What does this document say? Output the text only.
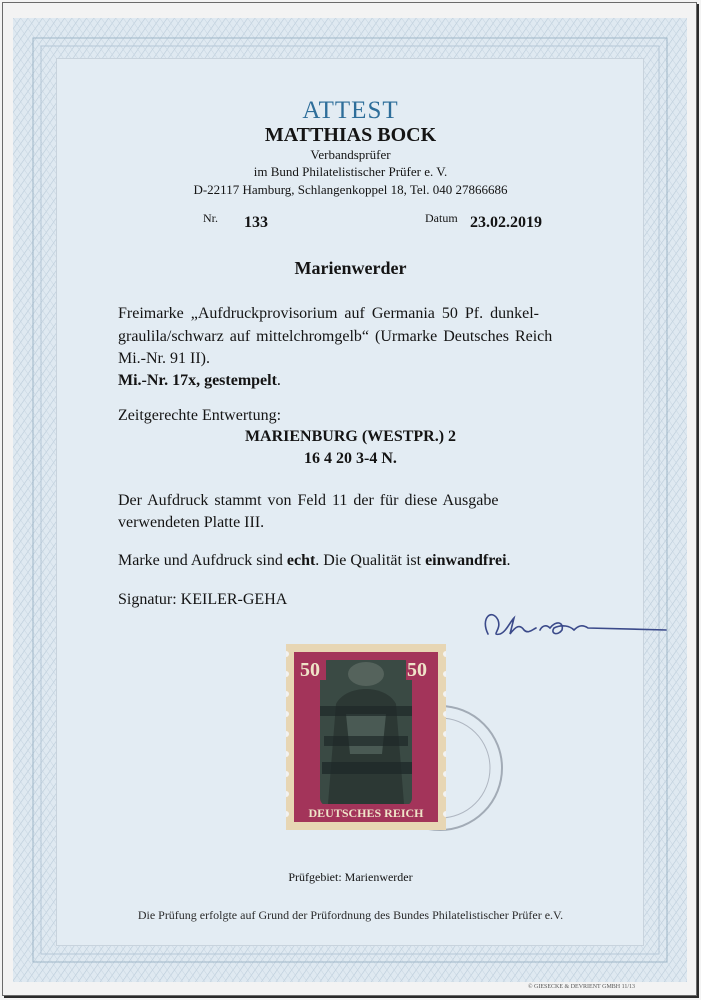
ATTEST
MATTHIAS BOCK
Verbandsprüfer
im Bund Philatelistischer Prüfer e. V.
D-22117 Hamburg, Schlangenkoppel 18, Tel. 040 27866686
Nr. 133	Datum 23.02.2019
Marienwerder
Freimarke „Aufdruckprovisorium auf Germania 50 Pf. dunkel-
graulila/schwarz auf mittelchromgelb“ (Urmarke Deutsches Reich
Mi.-Nr. 91 II).
Mi.-Nr. 17x, gestempelt.
Zeitgerechte Entwertung:
MARIENBURG (WESTPR.) 2
16 4 20 3-4 N.
Der Aufdruck stammt von Feld 11 der für diese Ausgabe
verwendeten Platte III.
Marke und Aufdruck sind echt. Die Qualität ist einwandfrei.
Signatur: KEILER-GEHA
50	50
DEUTSCHES REICH
Prüfgebiet: Marienwerder
Die Prüfung erfolgte auf Grund der Prüfordnung des Bundes Philatelistischer Prüfer e.V.
© GIESECKE & DEVRIENT GMBH 11/13
